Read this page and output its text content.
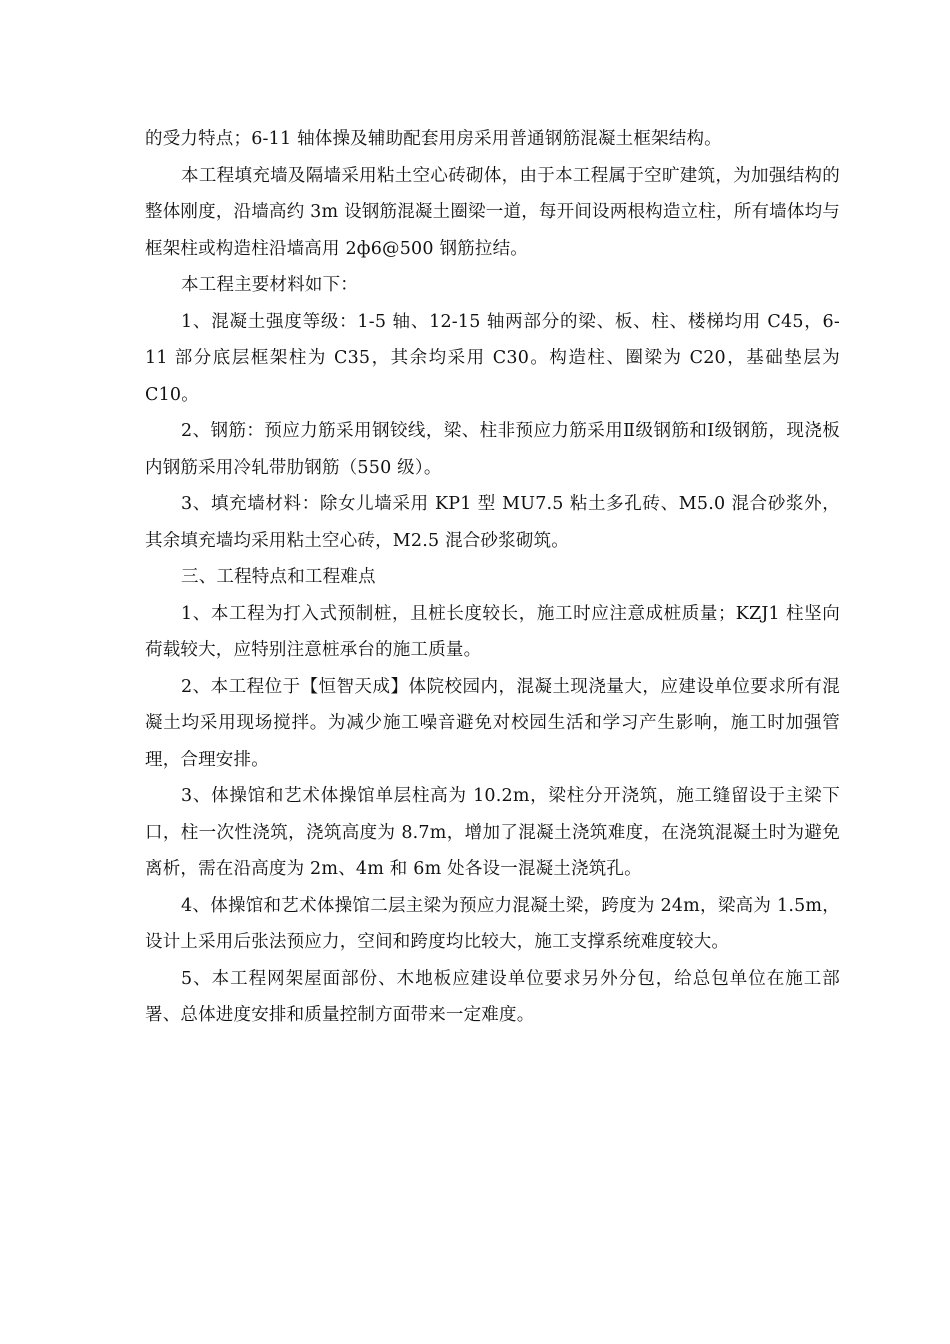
的受力特点；6-11 轴体操及辅助配套用房采用普通钢筋混凝土框架结构。

本工程填充墙及隔墙采用粘土空心砖砌体，由于本工程属于空旷建筑，为加强结构的整体刚度，沿墙高约 3m 设钢筋混凝土圈梁一道，每开间设两根构造立柱，所有墙体均与框架柱或构造柱沿墙高用 2ф6@500 钢筋拉结。

本工程主要材料如下：

1、混凝土强度等级：1-5 轴、12-15 轴两部分的梁、板、柱、楼梯均用 C45，6-11 部分底层框架柱为 C35，其余均采用 C30。构造柱、圈梁为 C20，基础垫层为 C10。

2、钢筋：预应力筋采用钢铰线，梁、柱非预应力筋采用Ⅱ级钢筋和Ⅰ级钢筋，现浇板内钢筋采用冷轧带肋钢筋（550 级）。

3、填充墙材料：除女儿墙采用 KP1 型 MU7.5 粘土多孔砖、M5.0 混合砂浆外，其余填充墙均采用粘土空心砖，M2.5 混合砂浆砌筑。

三、工程特点和工程难点

1、本工程为打入式预制桩，且桩长度较长，施工时应注意成桩质量；KZJ1 柱坚向荷载较大，应特别注意桩承台的施工质量。

2、本工程位于【恒智天成】体院校园内，混凝土现浇量大，应建设单位要求所有混凝土均采用现场搅拌。为减少施工噪音避免对校园生活和学习产生影响，施工时加强管理，合理安排。

3、体操馆和艺术体操馆单层柱高为 10.2m，梁柱分开浇筑，施工缝留设于主梁下口，柱一次性浇筑，浇筑高度为 8.7m，增加了混凝土浇筑难度，在浇筑混凝土时为避免离析，需在沿高度为 2m、4m 和 6m 处各设一混凝土浇筑孔。

4、体操馆和艺术体操馆二层主梁为预应力混凝土梁，跨度为 24m，梁高为 1.5m，设计上采用后张法预应力，空间和跨度均比较大，施工支撑系统难度较大。

5、本工程网架屋面部份、木地板应建设单位要求另外分包，给总包单位在施工部署、总体进度安排和质量控制方面带来一定难度。
